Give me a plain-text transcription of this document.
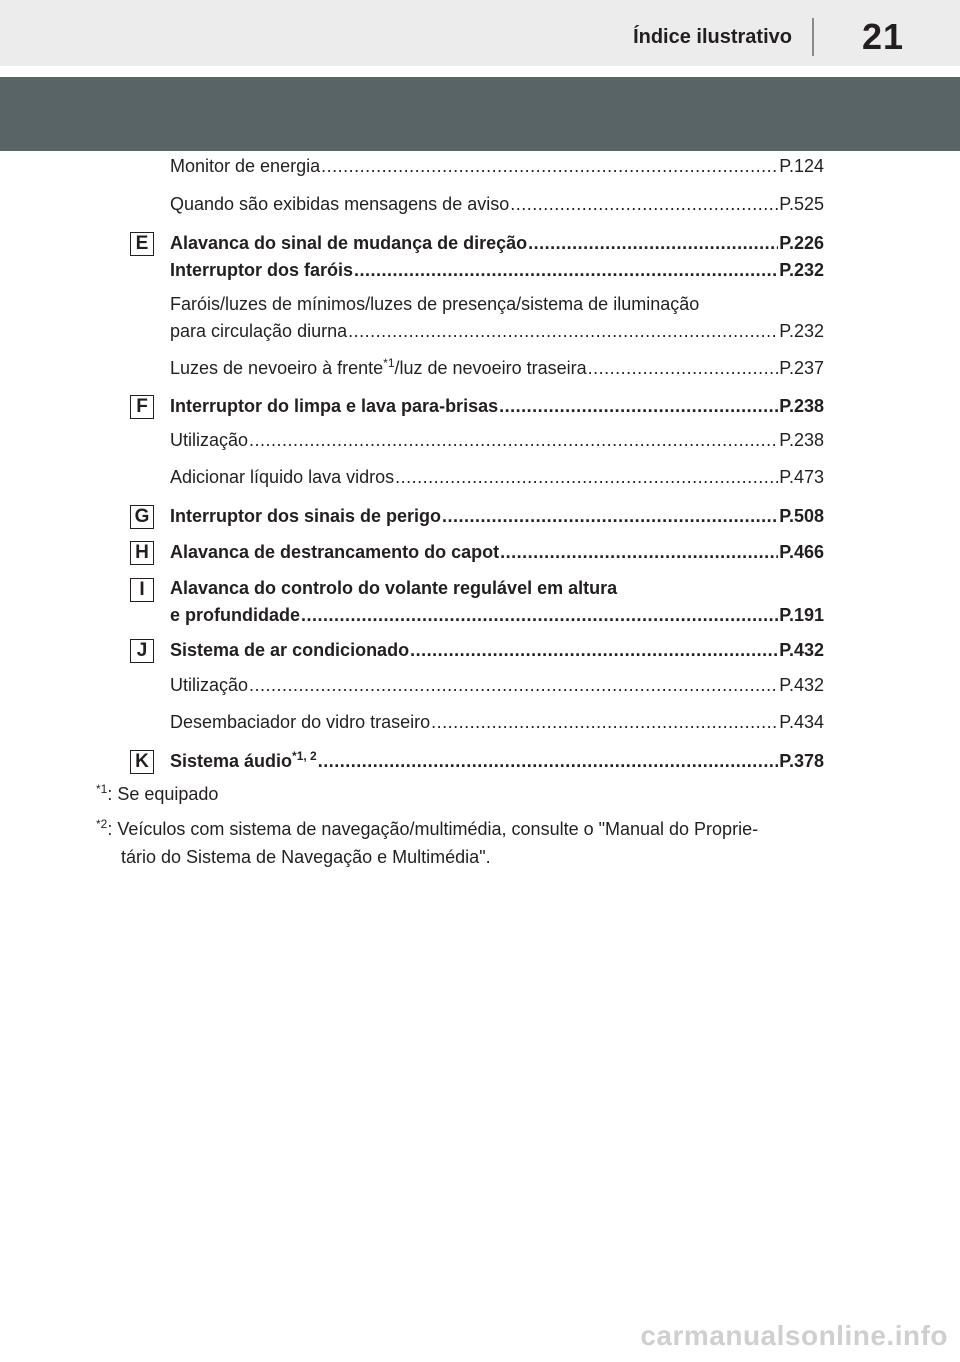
Índice ilustrativo	21
Monitor de energia .....	P.124
Quando são exibidas mensagens de aviso .....	P.525
E	Alavanca do sinal de mudança de direção .....	P.226
Interruptor dos faróis .....	P.232
Faróis/luzes de mínimos/luzes de presença/sistema de iluminação
para circulação diurna .....	P.232
Luzes de nevoeiro à frente$^{*1}$/luz de nevoeiro traseira .....	P.237
F	Interruptor do limpa e lava para-brisas .....	P.238
Utilização .....	P.238
Adicionar líquido lava vidros .....	P.473
G Interruptor dos sinais de perigo .....	P.508
H Alavanca de destrancamento do capot .....	P.466
I	Alavanca do controlo do volante regulável em altura
e profundidade .....	P.191
J	Sistema de ar condicionado .....	P.432
Utilização .....	P.432
Desembaciador do vidro traseiro .....	P.434
K Sistema áudio$^{*1, 2}$ .....	P.378
$^{*1}$: Se equipado
$^{*2}$: Veículos com sistema de navegação/multimédia, consulte o "Manual do Proprie-
tário do Sistema de Navegação e Multimédia".
carmanualsonline.info
